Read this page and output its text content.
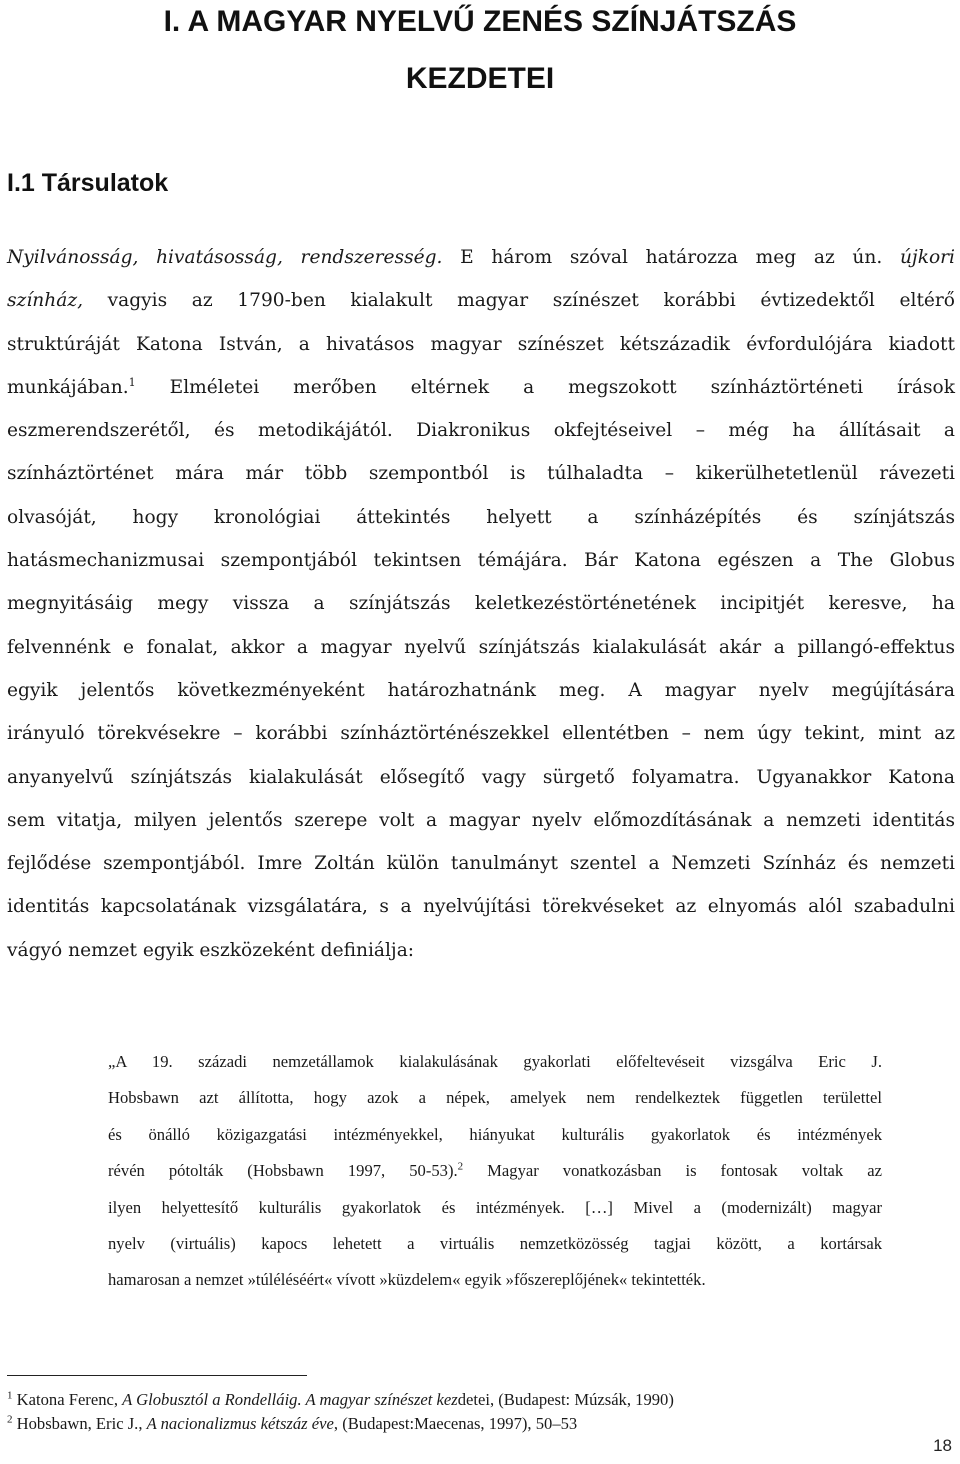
I. A MAGYAR NYELVŰ ZENÉS SZÍNJÁTSZÁS
KEZDETEI
I.1 Társulatok
Nyilvánosság, hivatásosság, rendszeresség. E három szóval határozza meg az ún. újkori
színház, vagyis az 1790-ben kialakult magyar színészet korábbi évtizedektől eltérő
struktúráját Katona István, a hivatásos magyar színészet kétszázadik évfordulójára kiadott
munkájában.$^1$ Elméletei merőben eltérnek a megszokott színháztörténeti írások
eszmerendszerétől, és metodikájától. Diakronikus okfejtéseivel – még ha állításait a
színháztörténet mára már több szempontból is túlhaladta – kikerülhetetlenül rávezeti
olvasóját, hogy kronológiai áttekintés helyett a színházépítés és színjátszás
hatásmechanizmusai szempontjából tekintsen témájára. Bár Katona egészen a The Globus
megnyitásáig megy vissza a színjátszás keletkezéstörténetének incipitjét keresve, ha
felvennénk e fonalat, akkor a magyar nyelvű színjátszás kialakulását akár a pillangó-effektus
egyik jelentős következményeként határozhatnánk meg. A magyar nyelv megújítására
irányuló törekvésekre – korábbi színháztörténészekkel ellentétben – nem úgy tekint, mint az
anyanyelvű színjátszás kialakulását elősegítő vagy sürgető folyamatra. Ugyanakkor Katona
sem vitatja, milyen jelentős szerepe volt a magyar nyelv előmozdításának a nemzeti identitás
fejlődése szempontjából. Imre Zoltán külön tanulmányt szentel a Nemzeti Színház és nemzeti
identitás kapcsolatának vizsgálatára, s a nyelvújítási törekvéseket az elnyomás alól szabadulni
vágyó nemzet egyik eszközeként definiálja:
„A 19. századi nemzetállamok kialakulásának gyakorlati előfeltevéseit vizsgálva Eric J.
Hobsbawn azt állította, hogy azok a népek, amelyek nem rendelkeztek független területtel
és önálló közigazgatási intézményekkel, hiányukat kulturális gyakorlatok és intézmények
révén pótolták (Hobsbawn 1997, 50-53).$^2$ Magyar vonatkozásban is fontosak voltak az
ilyen helyettesítő kulturális gyakorlatok és intézmények. […] Mivel a (modernizált) magyar
nyelv (virtuális) kapocs lehetett a virtuális nemzetközösség tagjai között, a kortársak
hamarosan a nemzet »túléléséért« vívott »küzdelem« egyik »főszereplőjének« tekintették.

$^1$ Katona Ferenc, A Globusztól a Rondelláig. A magyar színészet kezdetei, (Budapest: Múzsák, 1990)

$^2$ Hobsbawn, Eric J., A nacionalizmus kétszáz éve, (Budapest:Maecenas, 1997), 50–53

18
